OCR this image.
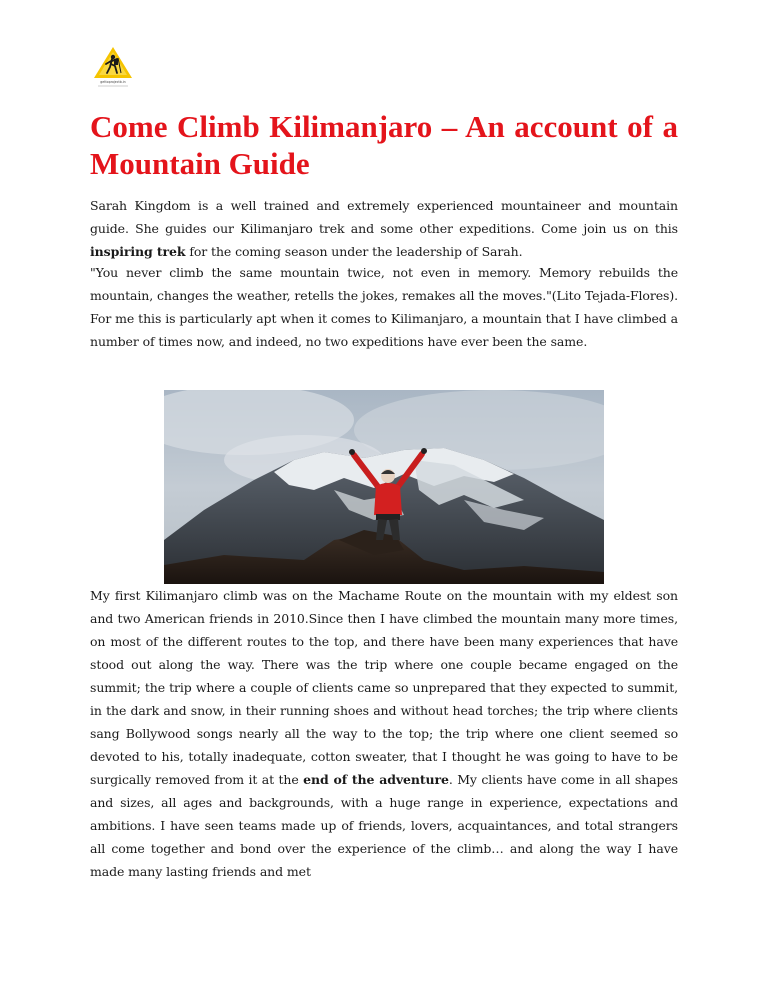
gettoprojectb.in
Come Climb Kilimanjaro – An account of a Mountain Guide

Sarah Kingdom is a well trained and extremely experienced mountaineer and mountain guide. She guides our Kilimanjaro trek and some other expeditions. Come join us on this inspiring trek for the coming season under the leadership of Sarah.

"You never climb the same mountain twice, not even in memory. Memory rebuilds the mountain, changes the weather, retells the jokes, remakes all the moves."(Lito Tejada-Flores). For me this is particularly apt when it comes to Kilimanjaro, a mountain that I have climbed a number of times now, and indeed, no two expeditions have ever been the same.

My first Kilimanjaro climb was on the Machame Route on the mountain with my eldest son and two American friends in 2010.Since then I have climbed the mountain many more times, on most of the different routes to the top, and there have been many experiences that have stood out along the way. There was the trip where one couple became engaged on the summit; the trip where a couple of clients came so unprepared that they expected to summit, in the dark and snow, in their running shoes and without head torches; the trip where clients sang Bollywood songs nearly all the way to the top; the trip where one client seemed so devoted to his, totally inadequate, cotton sweater, that I thought he was going to have to be surgically removed from it at the end of the adventure. My clients have come in all shapes and sizes, all ages and backgrounds, with a huge range in experience, expectations and ambitions. I have seen teams made up of friends, lovers, acquaintances, and total strangers all come together and bond over the experience of the climb… and along the way I have made many lasting friends and met
